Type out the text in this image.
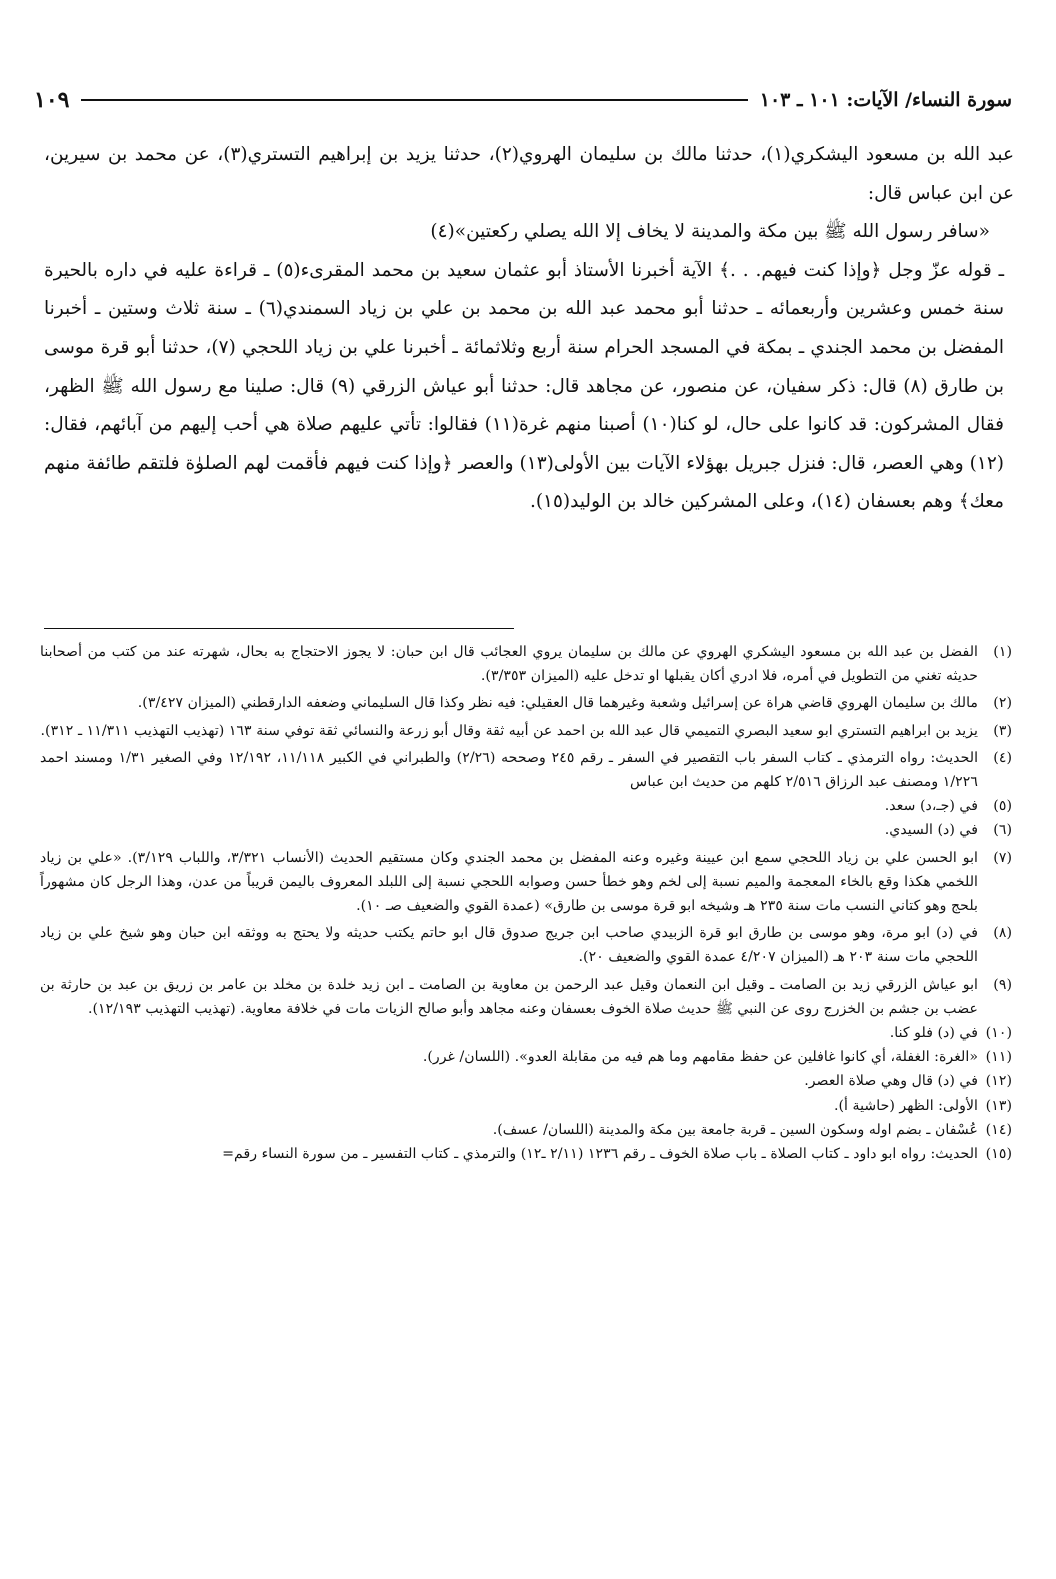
سورة النساء/ الآيات: ١٠١ ـ ١٠٣
١٠٩

عبد الله بن مسعود اليشكري(١)، حدثنا مالك بن سليمان الهروي(٢)، حدثنا يزيد بن إبراهيم التستري(٣)، عن محمد بن سيرين، عن ابن عباس قال:

«سافر رسول الله ﷺ بين مكة والمدينة لا يخاف إلا الله يصلي ركعتين»(٤)

ـ قوله عزّ وجل ﴿وإذا كنت فيهم. . .﴾ الآية أخبرنا الأستاذ أبو عثمان سعيد بن محمد المقرىء(٥) ـ قراءة عليه في داره بالحيرة سنة خمس وعشرين وأربعمائه ـ حدثنا أبو محمد عبد الله بن محمد بن علي بن زياد السمندي(٦) ـ سنة ثلاث وستين ـ أخبرنا المفضل بن محمد الجندي ـ بمكة في المسجد الحرام سنة أربع وثلاثمائة ـ أخبرنا علي بن زياد اللحجي (٧)، حدثنا أبو قرة موسى بن طارق (٨) قال: ذكر سفيان، عن منصور، عن مجاهد قال: حدثنا أبو عياش الزرقي (٩) قال: صلينا مع رسول الله ﷺ الظهر، فقال المشركون: قد كانوا على حال، لو كنا(١٠) أصبنا منهم غرة(١١) فقالوا: تأتي عليهم صلاة هي أحب إليهم من آبائهم، فقال: (١٢) وهي العصر، قال: فنزل جبريل بهؤلاء الآيات بين الأولى(١٣) والعصر ﴿وإذا كنت فيهم فأقمت لهم الصلوٰة فلتقم طائفة منهم معك﴾ وهم بعسفان (١٤)، وعلى المشركين خالد بن الوليد(١٥).

(١)
الفضل بن عبد الله بن مسعود اليشكري الهروي عن مالك بن سليمان يروي العجائب قال ابن حبان: لا يجوز الاحتجاج به بحال، شهرته عند من كتب من أصحابنا حديثه تغني من التطويل في أمره، فلا ادري أكان يقبلها او تدخل عليه (الميزان ٣/٣٥٣).
(٢)
مالك بن سليمان الهروي قاضي هراة عن إسرائيل وشعبة وغيرهما قال العقيلي: فيه نظر وكذا قال السليماني وضعفه الدارقطني (الميزان ٣/٤٢٧).
(٣)
يزيد بن ابراهيم التستري ابو سعيد البصري التميمي قال عبد الله بن احمد عن أبيه ثقة وقال أبو زرعة والنسائي ثقة توفي سنة ١٦٣ (تهذيب التهذيب ١١/٣١١ ـ ٣١٢).
(٤)
الحديث: رواه الترمذي ـ كتاب السفر باب التقصير في السفر ـ رقم ٢٤٥ وصححه (٢/٢٦) والطبراني في الكبير ١١/١١٨، ١٢/١٩٢ وفي الصغير ١/٣١ ومسند احمد ١/٢٢٦ ومصنف عبد الرزاق ٢/٥١٦ كلهم من حديث ابن عباس
(٥)
في (جـ،د) سعد.
(٦)
في (د) السيدي.
(٧)
ابو الحسن علي بن زياد اللحجي سمع ابن عيينة وغيره وعنه المفضل بن محمد الجندي وكان مستقيم الحديث (الأنساب ٣/٣٢١، واللباب ٣/١٢٩). «علي بن زياد اللخمي هكذا وقع بالخاء المعجمة والميم نسبة إلى لخم وهو خطأ حسن وصوابه اللحجي نسبة إلى اللبلد المعروف باليمن قريباً من عدن، وهذا الرجل كان مشهوراً بلحج وهو كتاني النسب مات سنة ٢٣٥ هـ وشيخه ابو قرة موسى بن طارق» (عمدة القوي والضعيف صـ ١٠).
(٨)
في (د) ابو مرة، وهو موسى بن طارق ابو قرة الزبيدي صاحب ابن جريج صدوق قال ابو حاتم يكتب حديثه ولا يحتج به ووثقه ابن حبان وهو شيخ علي بن زياد اللحجي مات سنة ٢٠٣ هـ (الميزان ٤/٢٠٧ عمدة القوي والضعيف ٢٠).
(٩)
ابو عياش الزرقي زيد بن الصامت ـ وقيل ابن النعمان وقيل عبد الرحمن بن معاوية بن الصامت ـ ابن زيد خلدة بن مخلد بن عامر بن زريق بن عبد بن حارثة بن عضب بن جشم بن الخزرج روى عن النبي ﷺ حديث صلاة الخوف بعسفان وعنه مجاهد وأبو صالح الزيات مات في خلافة معاوية. (تهذيب التهذيب ١٢/١٩٣).
(١٠)
في (د) فلو كنا.
(١١)
«الغرة: الغفلة، أي كانوا غافلين عن حفظ مقامهم وما هم فيه من مقابلة العدو». (اللسان/ غرر).
(١٢)
في (د) قال وهي صلاة العصر.
(١٣)
الأولى: الظهر (حاشية أ).
(١٤)
عُسْفان ـ بضم اوله وسكون السين ـ قربة جامعة بين مكة والمدينة (اللسان/ عسف).
(١٥)
الحديث: رواه ابو داود ـ كتاب الصلاة ـ باب صلاة الخوف ـ رقم ١٢٣٦ (٢/١١ ـ١٢) والترمذي ـ كتاب التفسير ـ من سورة النساء رقم=
